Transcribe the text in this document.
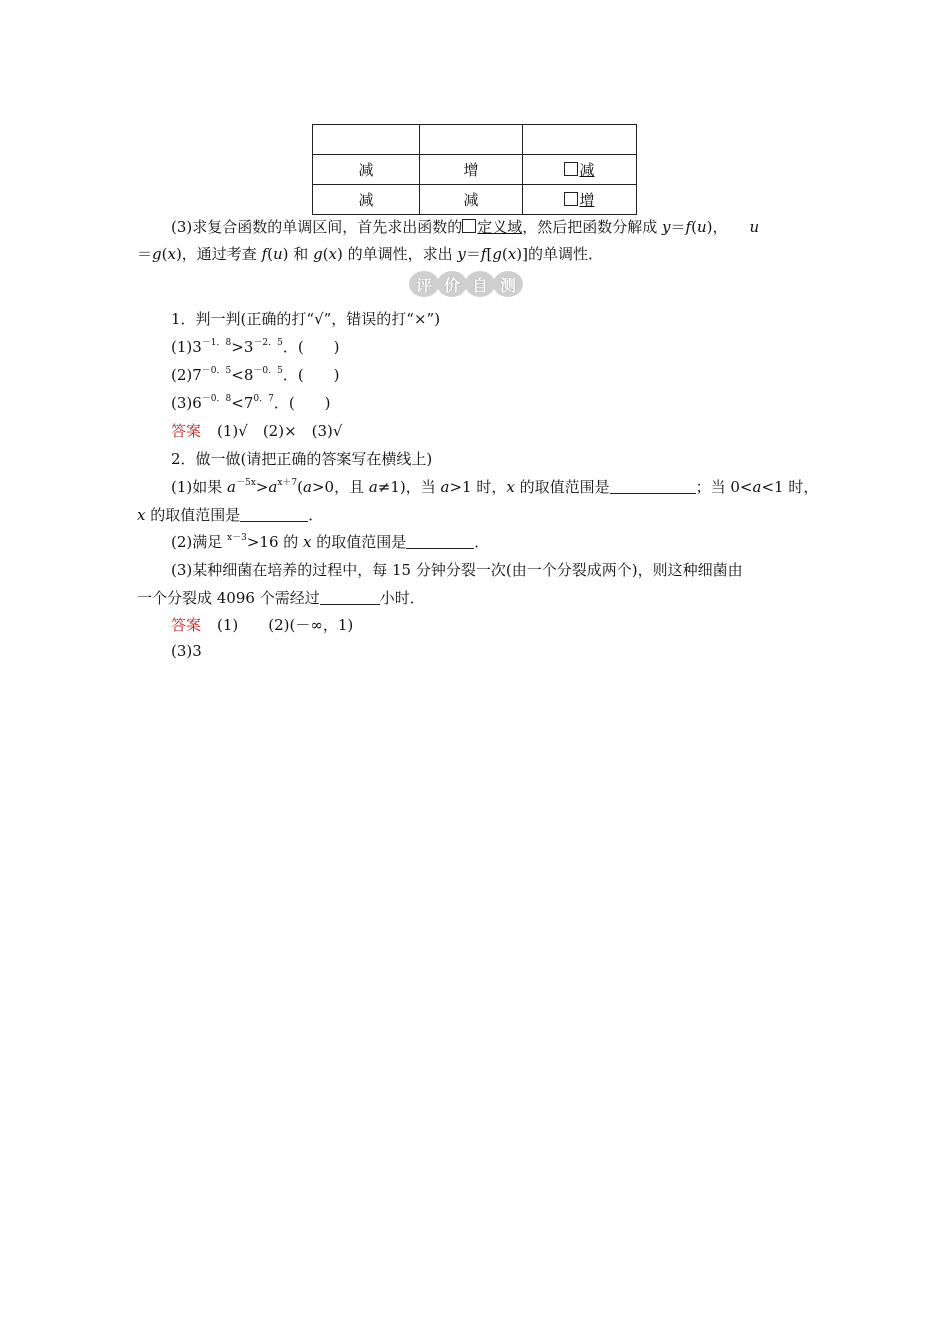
减	增	减
减	减	增
(3)求复合函数的单调区间，首先求出函数的 定义域，然后把函数分解成 y＝f(u)， u
＝g(x)，通过考查 f(u) 和 g(x) 的单调性，求出 y＝f[g(x)]的单调性．
评 价 自 测
1．判一判(正确的打“√”，错误的打“×”)
$(1)3^{-1.8}>3^{-2.5}$．(　　)
$(2)7^{-0.5}<8^{-0.5}$．(　　)
$(3)6^{-0.8}<7^{0.7}$．(　　)
答案 (1)√　(2)×　(3)√
2．做一做(请把正确的答案写在横线上)
(1)如果 $a^{-5x}>a^{x+7}(a>0$，且 a≠1)，当 a>1 时，x 的取值范围是	；当 0<a<1 时，
x 的取值范围是	．
(2)满足 $^{x-3}$>16 的 x 的取值范围是	．
(3)某种细菌在培养的过程中，每 15 分钟分裂一次(由一个分裂成两个)，则这种细菌由
一个分裂成 4096 个需经过	小时．
答案 (1)　　(2)(－∞，1)
(3)3
